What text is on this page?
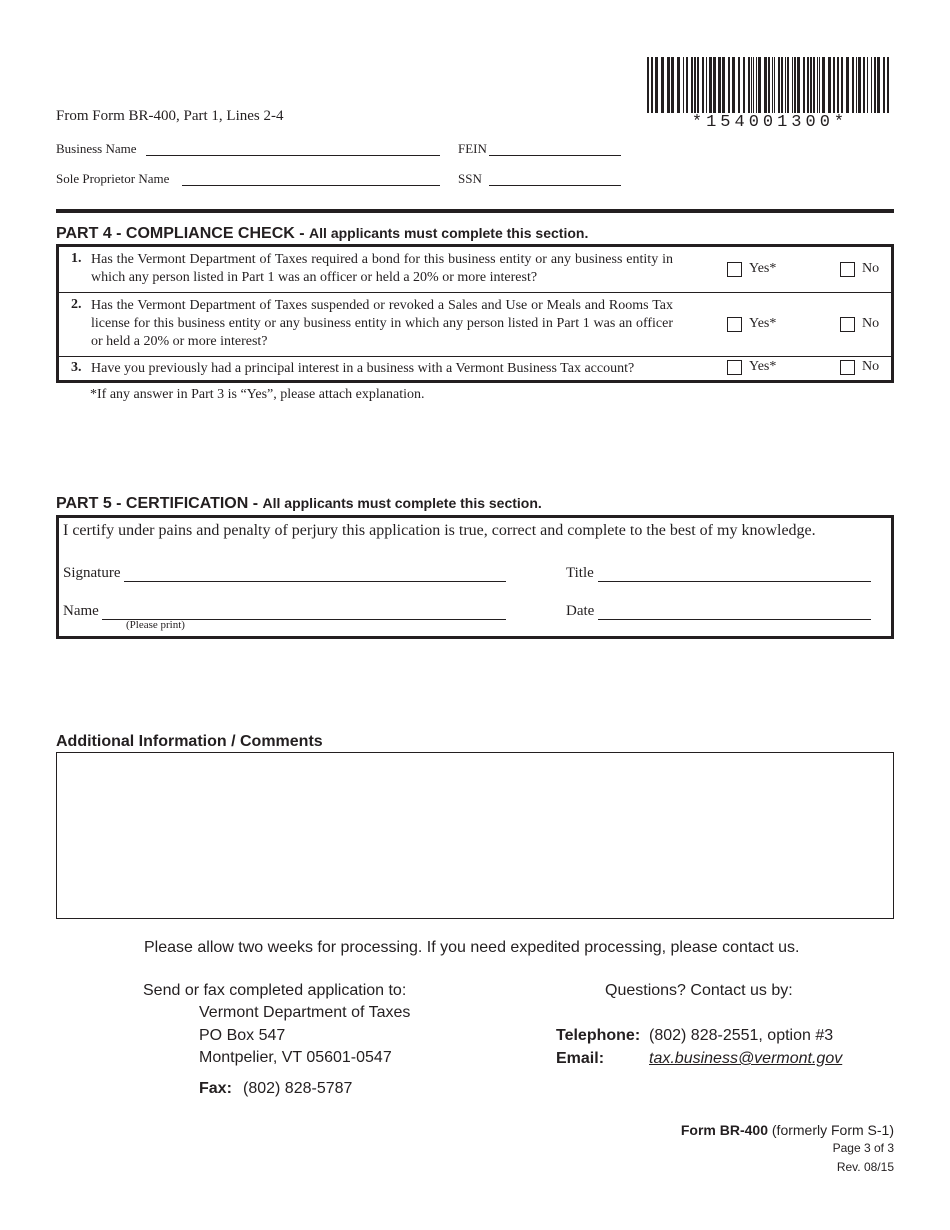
*154001300*
From Form BR-400, Part 1, Lines 2-4
Business Name	FEIN
Sole Proprietor Name	SSN
PART 4 - COMPLIANCE CHECK - All applicants must complete this section.
1. Has the Vermont Department of Taxes required a bond for this business entity or any business entity in which any person listed in Part 1 was an officer or held a 20% or more interest?
Yes*	No
2. Has the Vermont Department of Taxes suspended or revoked a Sales and Use or Meals and Rooms Tax license for this business entity or any business entity in which any person listed in Part 1 was an officer or held a 20% or more interest?
Yes*	No
3. Have you previously had a principal interest in a business with a Vermont Business Tax account?	Yes*	No
*If any answer in Part 3 is “Yes”, please attach explanation.
PART 5 - CERTIFICATION - All applicants must complete this section.
I certify under pains and penalty of perjury this application is true, correct and complete to the best of my knowledge.
Signature	Title
Name
(Please print)
Date
Additional Information / Comments
Please allow two weeks for processing. If you need expedited processing, please contact us.
Send or fax completed application to:
Vermont Department of Taxes
PO Box 547
Montpelier, VT 05601-0547
Fax: (802) 828-5787
Questions? Contact us by:
Telephone: (802) 828-2551, option #3
Email:	tax.business@vermont.gov
Form BR-400 (formerly Form S-1)
Page 3 of 3
Rev. 08/15
